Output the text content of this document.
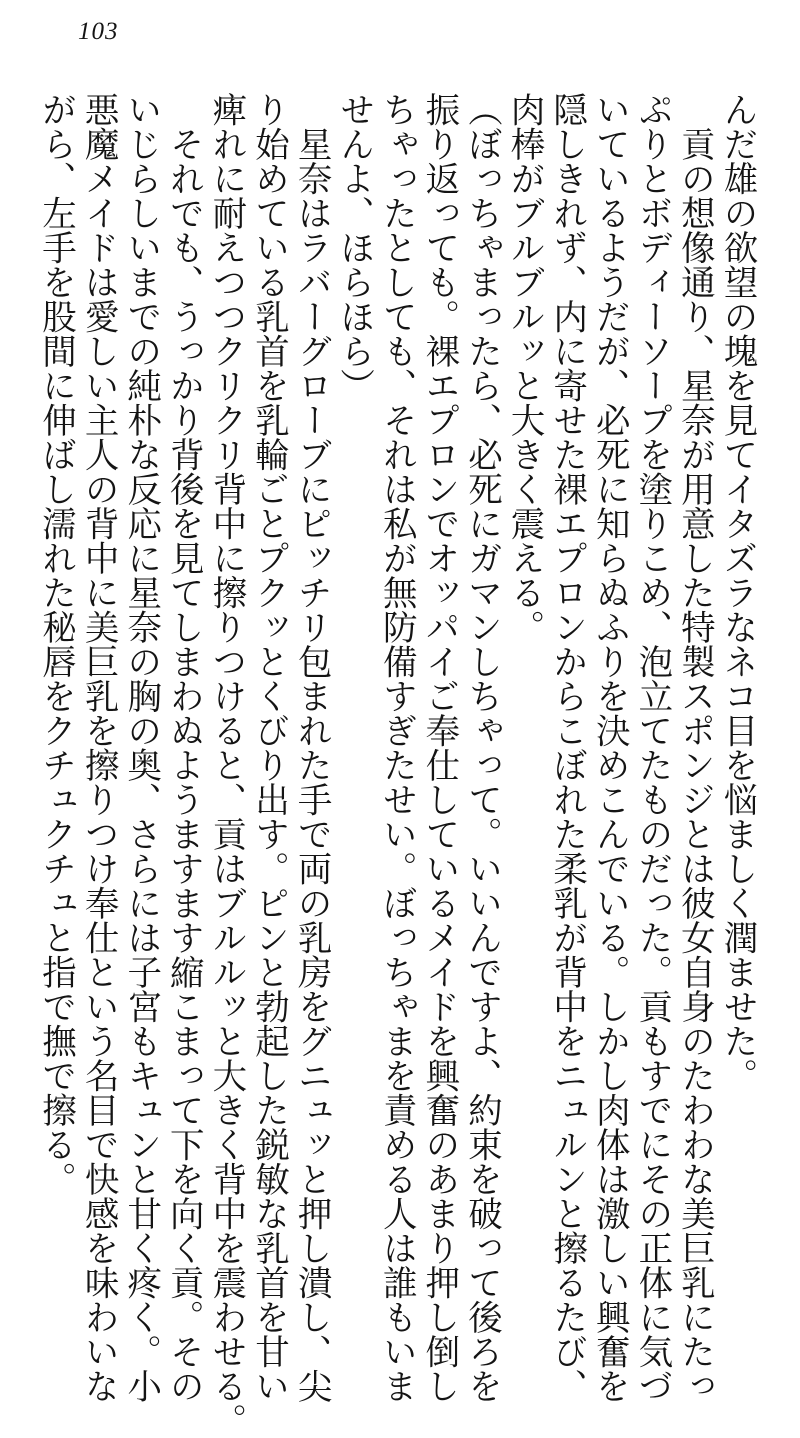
103

んだ雄の欲望の塊を見てイタズラなネコ目を悩ましく潤ませた。

　貢の想像通り、星奈が用意した特製スポンジとは彼女自身のたわわな美巨乳にたっ

ぷりとボディーソープを塗りこめ、泡立てたものだった。貢もすでにその正体に気づ

いているようだが、必死に知らぬふりを決めこんでいる。しかし肉体は激しい興奮を

隠しきれず、内に寄せた裸エプロンからこぼれた柔乳が背中をニュルンと擦るたび、

肉棒がブルブルッと大きく震える。

（ぼっちゃまったら、必死にガマンしちゃって。いいんですよ、約束を破って後ろを

振り返っても。裸エプロンでオッパイご奉仕しているメイドを興奮のあまり押し倒し

ちゃったとしても、それは私が無防備すぎたせい。ぼっちゃまを責める人は誰もいま

せんよ、ほらほら）

　星奈はラバーグローブにピッチリ包まれた手で両の乳房をグニュッと押し潰し、尖

り始めている乳首を乳輪ごとプクッとくびり出す。ピンと勃起した鋭敏な乳首を甘い

痺れに耐えつつクリクリ背中に擦りつけると、貢はブルルッと大きく背中を震わせる。

　それでも、うっかり背後を見てしまわぬようますます縮こまって下を向く貢。その

いじらしいまでの純朴な反応に星奈の胸の奥、さらには子宮もキュンと甘く疼く。小

悪魔メイドは愛しい主人の背中に美巨乳を擦りつけ奉仕という名目で快感を味わいな

がら、左手を股間に伸ばし濡れた秘唇をクチュクチュと指で撫で擦る。
